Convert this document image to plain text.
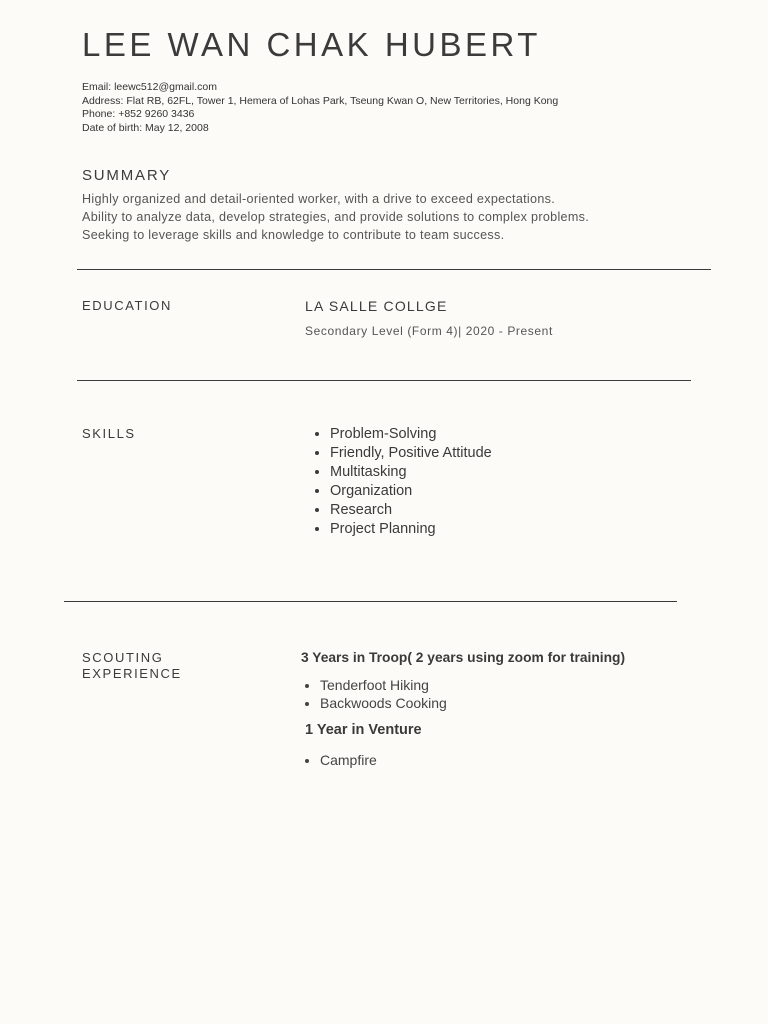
LEE WAN CHAK HUBERT
Email: leewc512@gmail.com
Address: Flat RB, 62FL, Tower 1, Hemera of Lohas Park, Tseung Kwan O, New Territories, Hong Kong
Phone: +852 9260 3436
Date of birth: May 12, 2008
SUMMARY
Highly organized and detail-oriented worker, with a drive to exceed expectations.
Ability to analyze data, develop strategies, and provide solutions to complex problems.
Seeking to leverage skills and knowledge to contribute to team success.
EDUCATION	LA SALLE COLLGE
Secondary Level (Form 4)| 2020 - Present
SKILLS
•	Problem-Solving
• Friendly, Positive Attitude
• Multitasking
• Organization
• Research
• Project Planning
SCOUTING
EXPERIENCE
3 Years in Troop( 2 years using zoom for training)
• Tenderfoot Hiking
• Backwoods Cooking
1 Year in Venture
• Campfire
